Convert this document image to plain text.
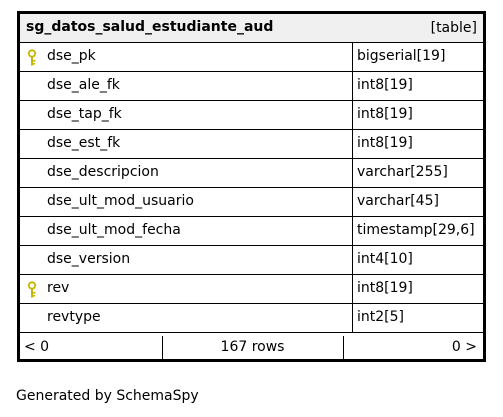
sg_datos_salud_estudiante_aud	[table]
dse_pk	bigserial[19]
dse_ale_fk	int8[19]
dse_tap_fk	int8[19]
dse_est_fk	int8[19]
dse_descripcion	varchar[255]
dse_ult_mod_usuario	varchar[45]
dse_ult_mod_fecha	timestamp[29,6]
dse_version	int4[10]
rev	int8[19]
revtype	int2[5]
< 0	167 rows	0 >
Generated by SchemaSpy
